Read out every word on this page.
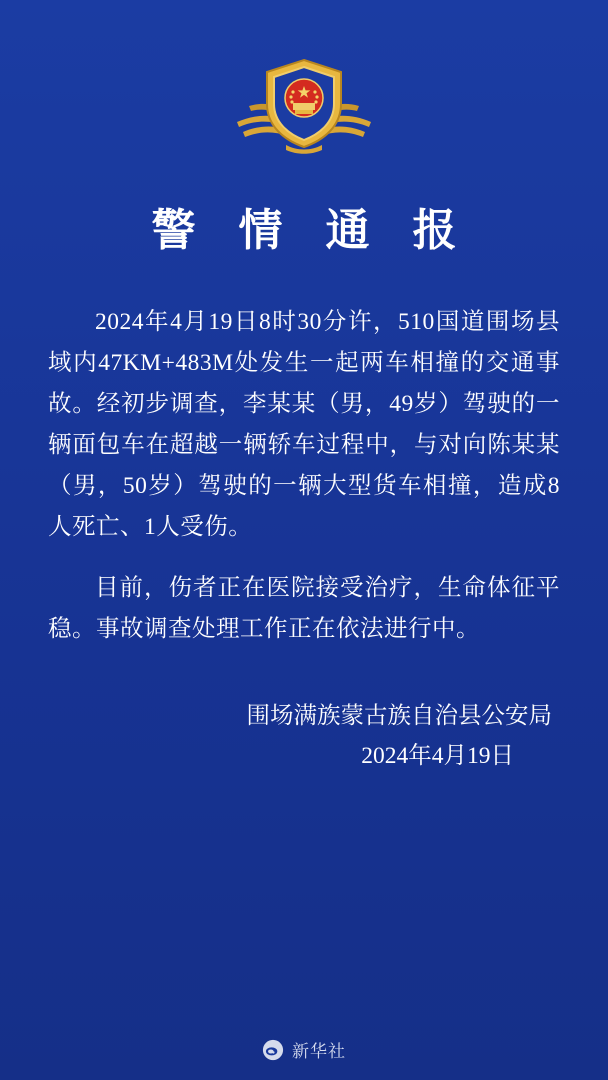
警 情 通 报

2024年4月19日8时30分许，510国道围场县域内47KM+483M处发生一起两车相撞的交通事故。经初步调查，李某某（男，49岁）驾驶的一辆面包车在超越一辆轿车过程中，与对向陈某某（男，50岁）驾驶的一辆大型货车相撞，造成8人死亡、1人受伤。

目前，伤者正在医院接受治疗，生命体征平稳。事故调查处理工作正在依法进行中。

围场满族蒙古族自治县公安局
2024年4月19日
新华社
